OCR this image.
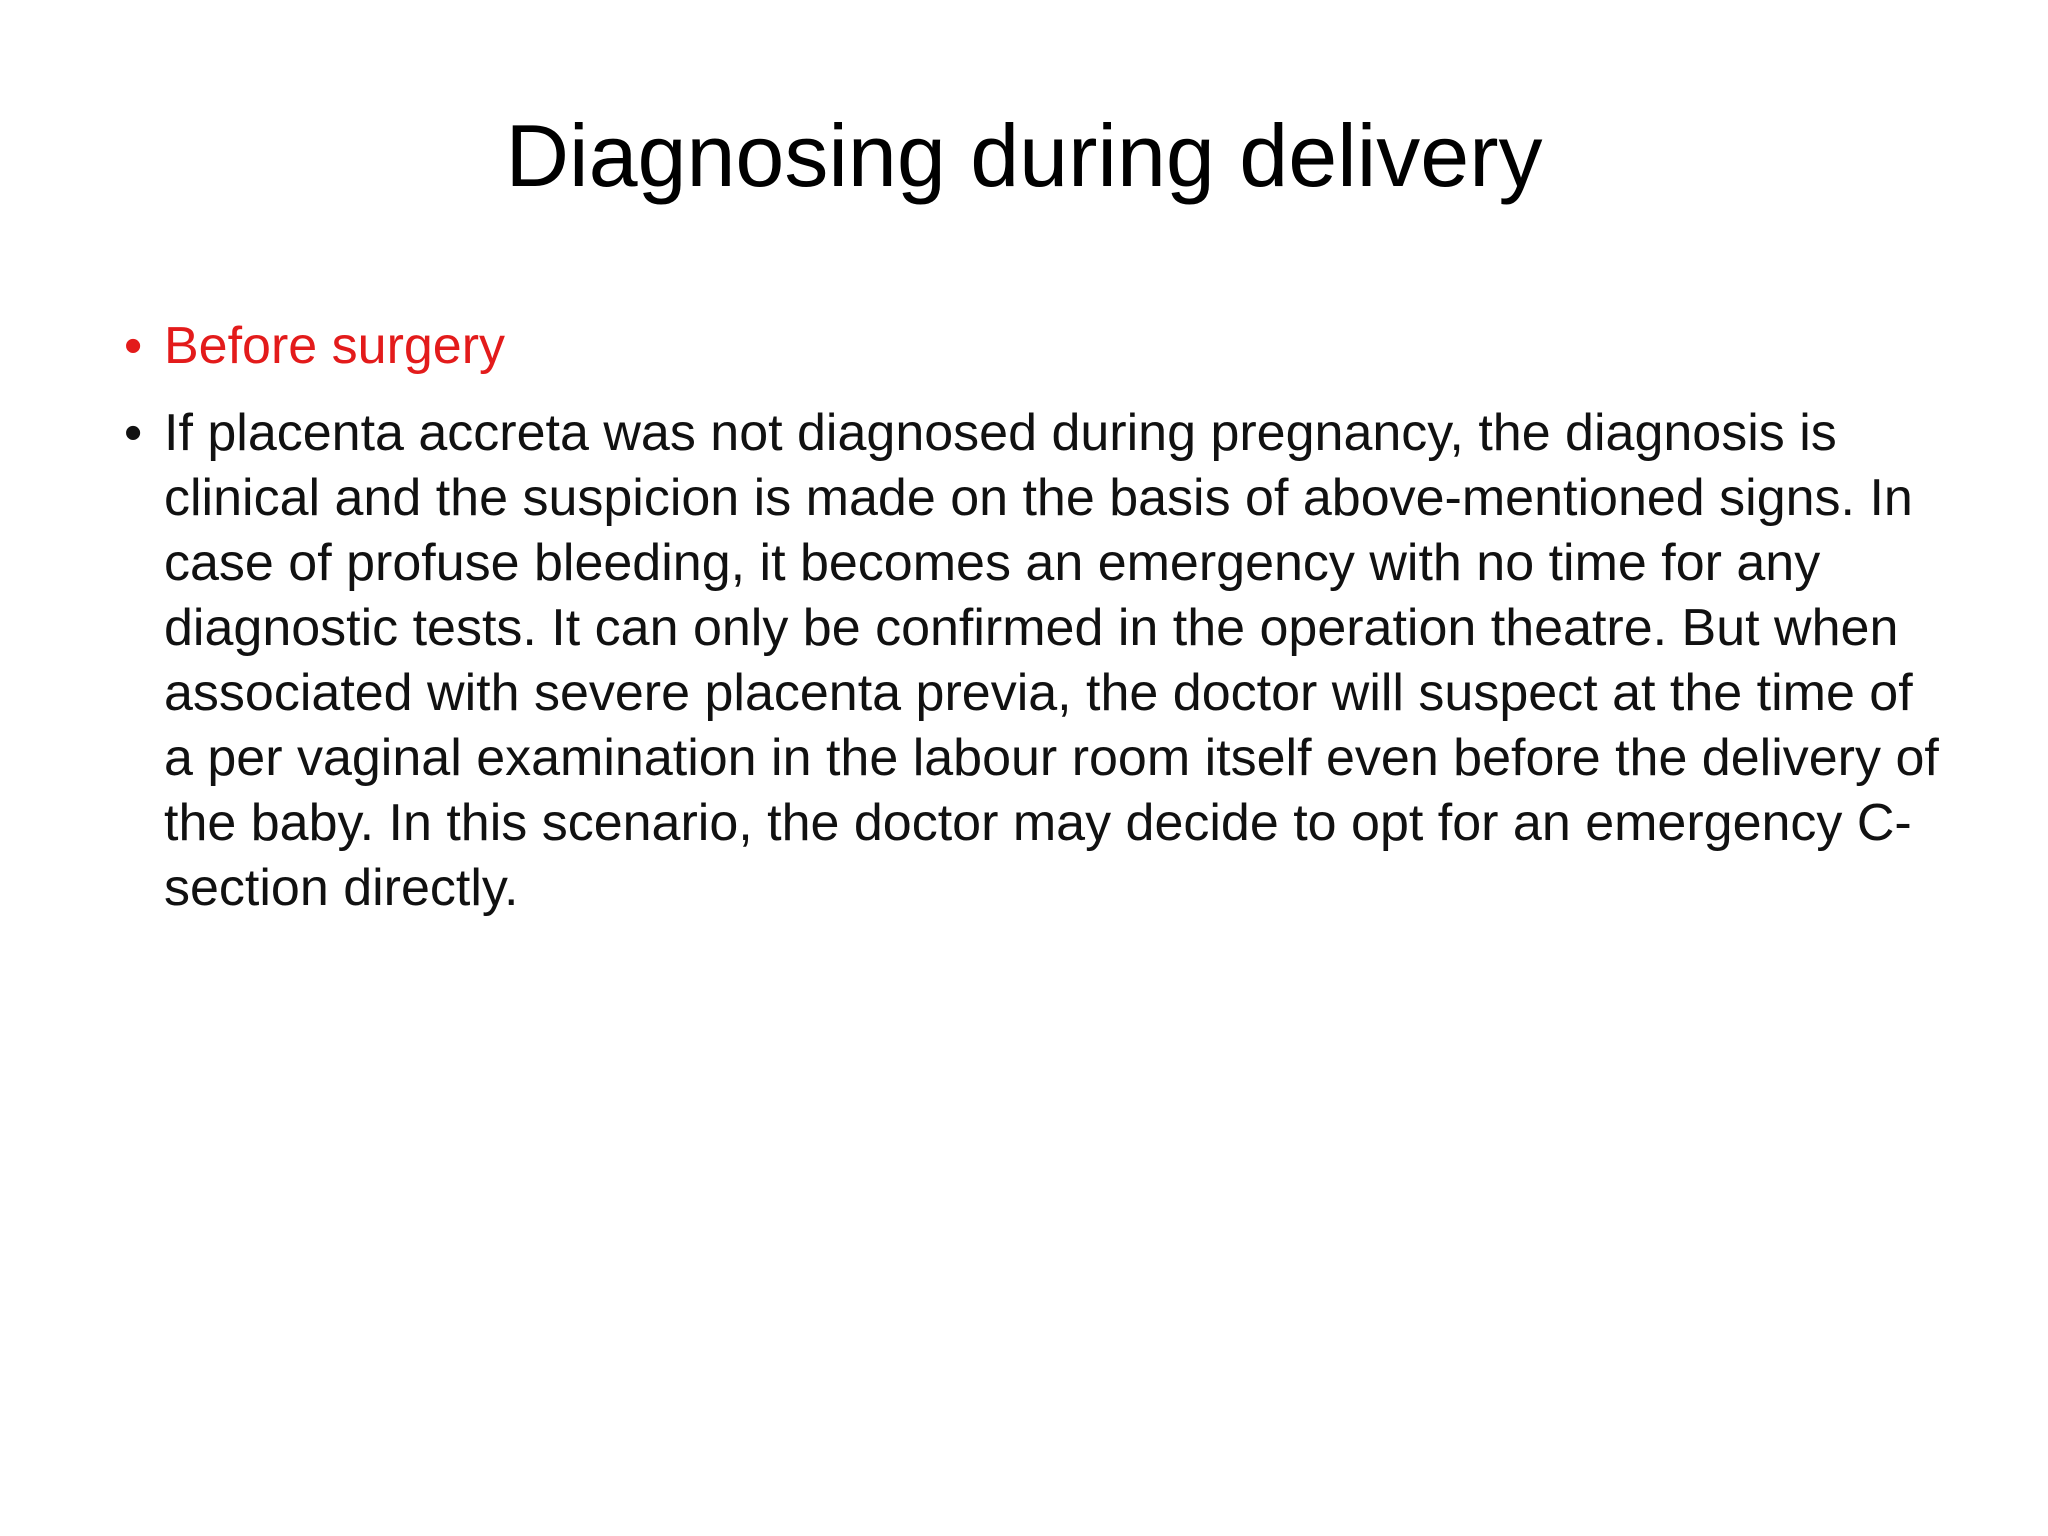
Diagnosing during delivery
• Before surgery
• If placenta accreta was not diagnosed during pregnancy, the diagnosis is clinical and the suspicion is made on the basis of above-mentioned signs. In case of profuse bleeding, it becomes an emergency with no time for any diagnostic tests. It can only be confirmed in the operation theatre. But when associated with severe placenta previa, the doctor will suspect at the time of a per vaginal examination in the labour room itself even before the delivery of the baby. In this scenario, the doctor may decide to opt for an emergency C-section directly.
